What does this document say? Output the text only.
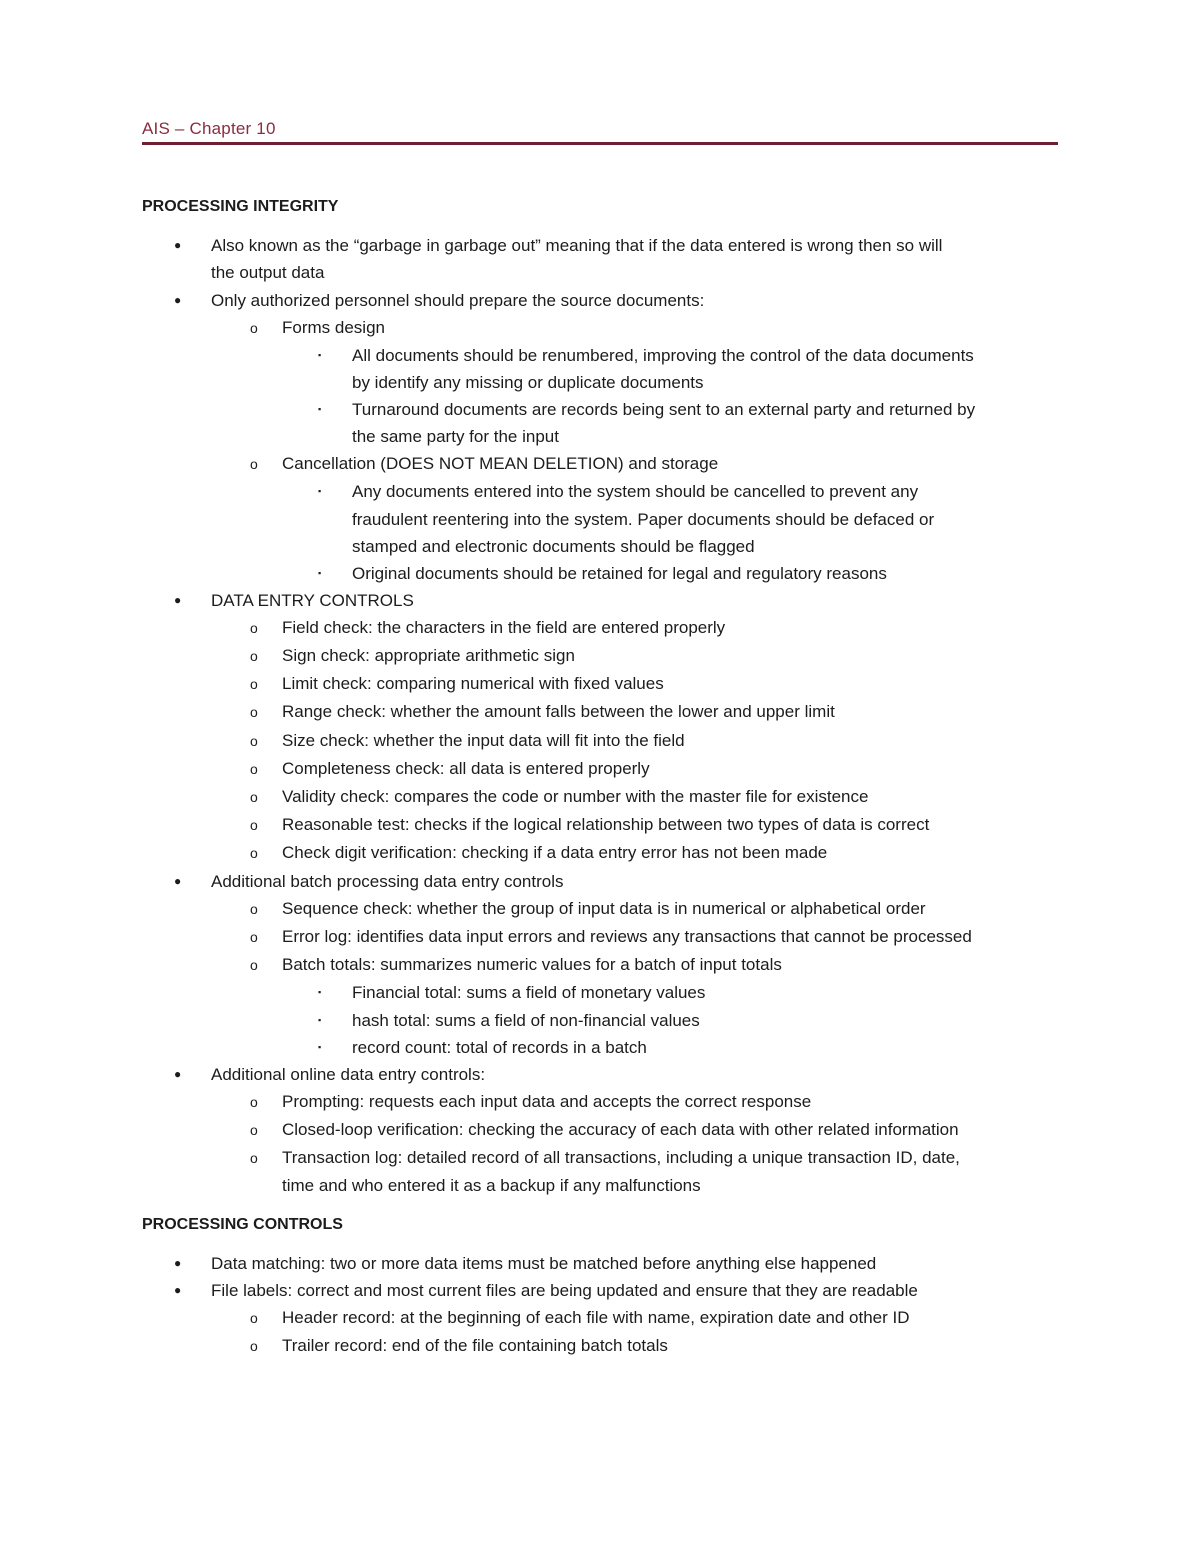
AIS – Chapter 10
PROCESSING INTEGRITY
● Also known as the “garbage in garbage out” meaning that if the data entered is wrong then so will
the output data
● Only authorized personnel should prepare the source documents:
o Forms design
▪ All documents should be renumbered, improving the control of the data documents
by identify any missing or duplicate documents
▪ Turnaround documents are records being sent to an external party and returned by
the same party for the input
o Cancellation (DOES NOT MEAN DELETION) and storage
▪ Any documents entered into the system should be cancelled to prevent any
fraudulent reentering into the system. Paper documents should be defaced or
stamped and electronic documents should be flagged
▪ Original documents should be retained for legal and regulatory reasons
● DATA ENTRY CONTROLS
o Field check: the characters in the field are entered properly
o Sign check: appropriate arithmetic sign
o Limit check: comparing numerical with fixed values
o Range check: whether the amount falls between the lower and upper limit
o Size check: whether the input data will fit into the field
o Completeness check: all data is entered properly
o Validity check: compares the code or number with the master file for existence
o Reasonable test: checks if the logical relationship between two types of data is correct
o Check digit verification: checking if a data entry error has not been made
● Additional batch processing data entry controls
o Sequence check: whether the group of input data is in numerical or alphabetical order
o Error log: identifies data input errors and reviews any transactions that cannot be processed
o Batch totals: summarizes numeric values for a batch of input totals
▪ Financial total: sums a field of monetary values
▪ hash total: sums a field of non-financial values
▪ record count: total of records in a batch
● Additional online data entry controls:
o Prompting: requests each input data and accepts the correct response
o Closed-loop verification: checking the accuracy of each data with other related information
o Transaction log: detailed record of all transactions, including a unique transaction ID, date,
time and who entered it as a backup if any malfunctions
PROCESSING CONTROLS
● Data matching: two or more data items must be matched before anything else happened
● File labels: correct and most current files are being updated and ensure that they are readable
o Header record: at the beginning of each file with name, expiration date and other ID
o Trailer record: end of the file containing batch totals
